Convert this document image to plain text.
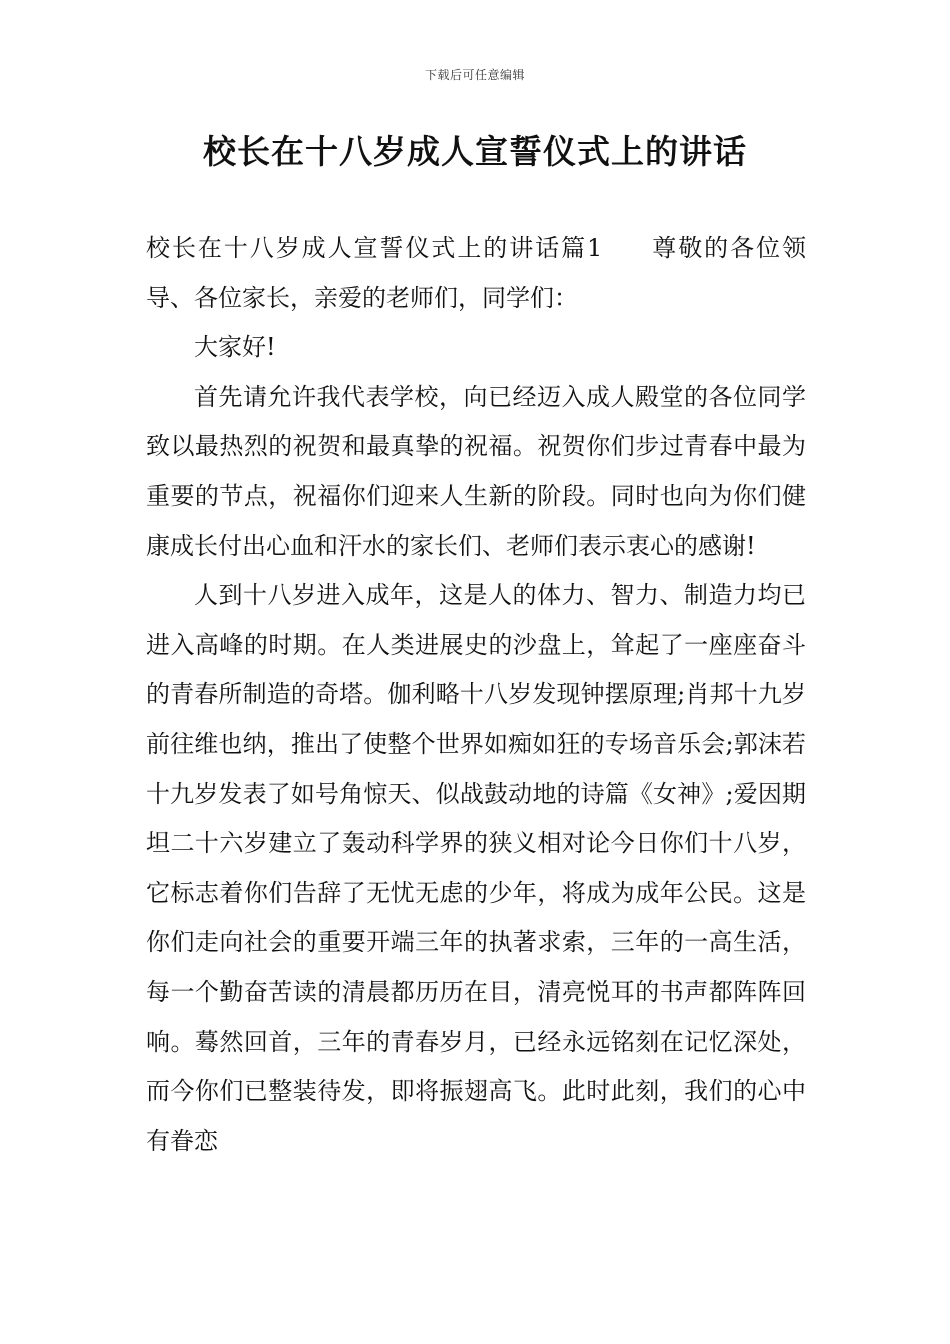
下载后可任意编辑
校长在十八岁成人宣誓仪式上的讲话

校长在十八岁成人宣誓仪式上的讲话篇1 尊敬的各位领导、各位家长，亲爱的老师们，同学们：

大家好!

首先请允许我代表学校，向已经迈入成人殿堂的各位同学致以最热烈的祝贺和最真挚的祝福。祝贺你们步过青春中最为重要的节点，祝福你们迎来人生新的阶段。同时也向为你们健康成长付出心血和汗水的家长们、老师们表示衷心的感谢!

人到十八岁进入成年，这是人的体力、智力、制造力均已进入高峰的时期。在人类进展史的沙盘上，耸起了一座座奋斗的青春所制造的奇塔。伽利略十八岁发现钟摆原理;肖邦十九岁前往维也纳，推出了使整个世界如痴如狂的专场音乐会;郭沫若十九岁发表了如号角惊天、似战鼓动地的诗篇《女神》;爱因期坦二十六岁建立了轰动科学界的狭义相对论今日你们十八岁，它标志着你们告辞了无忧无虑的少年，将成为成年公民。这是你们走向社会的重要开端三年的执著求索，三年的一高生活，每一个勤奋苦读的清晨都历历在目，清亮悦耳的书声都阵阵回响。蓦然回首，三年的青春岁月，已经永远铭刻在记忆深处，而今你们已整装待发，即将振翅高飞。此时此刻，我们的心中有眷恋
